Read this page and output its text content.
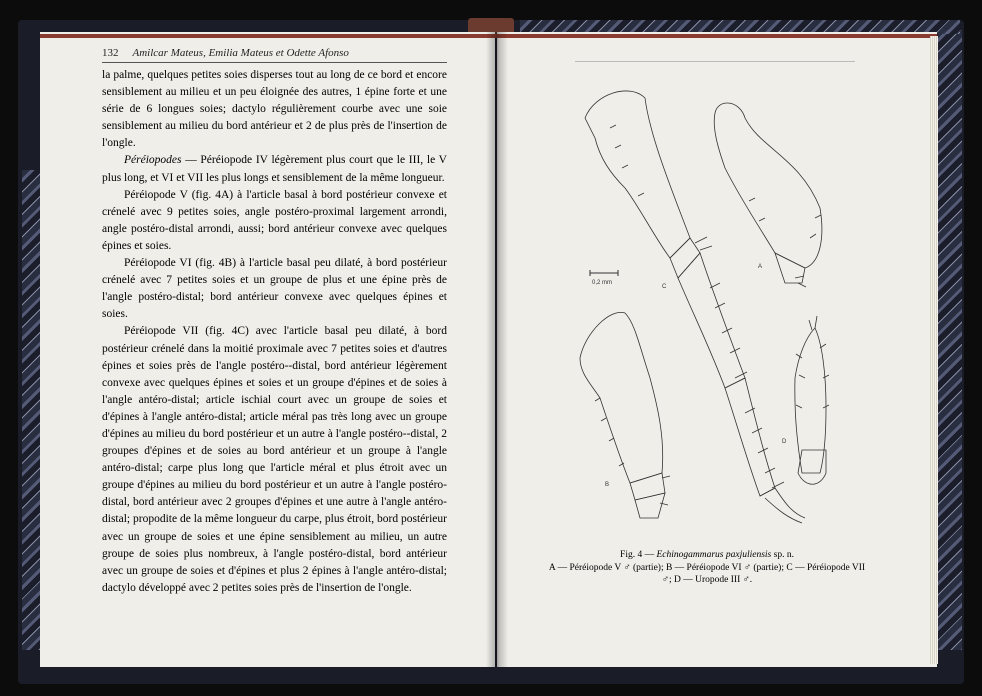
132 Amilcar Mateus, Emilia Mateus et Odette Afonso

la palme, quelques petites soies disperses tout au long de ce bord et encore sensiblement au milieu et un peu éloignée des autres, 1 épine forte et une série de 6 longues soies; dactylo régulièrement courbe avec une soie sensiblement au milieu du bord antérieur et 2 de plus près de l'insertion de l'ongle.

Péréiopodes — Péréiopode IV légèrement plus court que le III, le V plus long, et VI et VII les plus longs et sensiblement de la même longueur.

Péréiopode V (fig. 4A) à l'article basal à bord postérieur convexe et crénelé avec 9 petites soies, angle postéro-proximal largement arrondi, angle postéro-distal arrondi, aussi; bord antérieur convexe avec quelques épines et soies.

Péréiopode VI (fig. 4B) à l'article basal peu dilaté, à bord postérieur crénelé avec 7 petites soies et un groupe de plus et une épine près de l'angle postéro-distal; bord antérieur convexe avec quelques épines et soies.

Péréiopode VII (fig. 4C) avec l'article basal peu dilaté, à bord postérieur crénelé dans la moitié proximale avec 7 petites soies et d'autres épines et soies près de l'angle postéro--distal, bord antérieur légèrement convexe avec quelques épines et soies et un groupe d'épines et de soies à l'angle antéro-distal; article ischial court avec un groupe de soies et d'épines à l'angle antéro-distal; article méral pas très long avec un groupe d'épines au milieu du bord postérieur et un autre à l'angle postéro--distal, 2 groupes d'épines et de soies au bord antérieur et un groupe à l'angle antéro-distal; carpe plus long que l'article méral et plus étroit avec un groupe d'épines au milieu du bord postérieur et un autre à l'angle postéro-distal, bord antérieur avec 2 groupes d'épines et une autre à l'angle antéro-distal; propodite de la même longueur du carpe, plus étroit, bord postérieur avec un groupe de soies et une épine sensiblement au milieu, un autre groupe de soies plus nombreux, à l'angle postéro-distal, bord antérieur avec un groupe de soies et d'épines et plus 2 épines à l'angle antéro-distal; dactylo développé avec 2 petites soies près de l'insertion de l'ongle.

0,2 mm
A
B
C
D
Fig. 4 — Echinogammarus paxjuliensis sp. n.
A — Péréiopode V ♂ (partie); B — Péréiopode VI ♂ (partie); C — Péréiopode VII ♂; D — Uropode III ♂.
